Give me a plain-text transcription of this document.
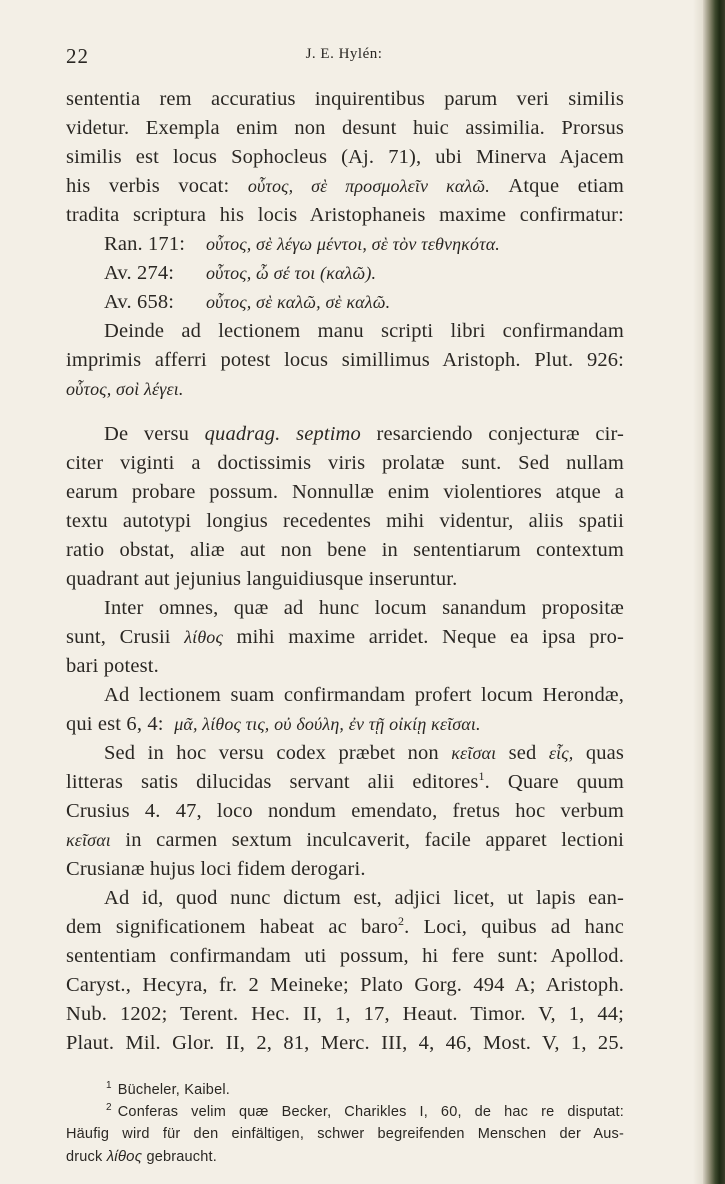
22	J. E. Hylén:
sententia rem accuratius inquirentibus parum veri similis
videtur. Exempla enim non desunt huic assimilia. Prorsus
similis est locus Sophocleus (Aj. 71), ubi Minerva Ajacem
his verbis vocat: οὗτος, σὲ προσμολεῖν καλῶ. Atque etiam
tradita scriptura his locis Aristophaneis maxime confirmatur:
Ran. 171: οὗτος, σὲ λέγω μέντοι, σὲ τὸν τεθνηκότα.
Av. 274: οὗτος, ὦ σέ τοι (καλῶ).
Av. 658: οὗτος, σὲ καλῶ, σὲ καλῶ.
Deinde ad lectionem manu scripti libri confirmandam
imprimis afferri potest locus simillimus Aristoph. Plut. 926:
οὗτος, σοὶ λέγει.
De versu quadrag. septimo resarciendo conjecturæ cir-
citer viginti a doctissimis viris prolatæ sunt. Sed nullam
earum probare possum. Nonnullæ enim violentiores atque a
textu autotypi longius recedentes mihi videntur, aliis spatii
ratio obstat, aliæ aut non bene in sententiarum contextum
quadrant aut jejunius languidiusque inseruntur.
Inter omnes, quæ ad hunc locum sanandum propositæ
sunt, Crusii λίθος mihi maxime arridet. Neque ea ipsa pro-
bari potest.
Ad lectionem suam confirmandam profert locum Herondæ,
qui est 6, 4: μᾶ, λίθος τις, οὐ δούλη, ἐν τῇ οἰκίῃ κεῖσαι.
Sed in hoc versu codex præbet non κεῖσαι sed εἷς, quas
litteras satis dilucidas servant alii editores$^1$. Quare quum
Crusius 4. 47, loco nondum emendato, fretus hoc verbum
κεῖσαι in carmen sextum inculcaverit, facile apparet lectioni
Crusianæ hujus loci fidem derogari.
Ad id, quod nunc dictum est, adjici licet, ut lapis ean-
dem significationem habeat ac baro$^2$. Loci, quibus ad hanc
sententiam confirmandam uti possum, hi fere sunt: Apollod.
Caryst., Hecyra, fr. 2 Meineke; Plato Gorg. 494 A; Aristoph.
Nub. 1202; Terent. Hec. II, 1, 17, Heaut. Timor. V, 1, 44;
Plaut. Mil. Glor. II, 2, 81, Merc. III, 4, 46, Most. V, 1, 25.
$^1$ Bücheler, Kaibel.
$^2$ Conferas velim quæ Becker, Charikles I, 60, de hac re disputat:
Häufig wird für den einfältigen, schwer begreifenden Menschen der Aus-
druck λίθος gebraucht.
